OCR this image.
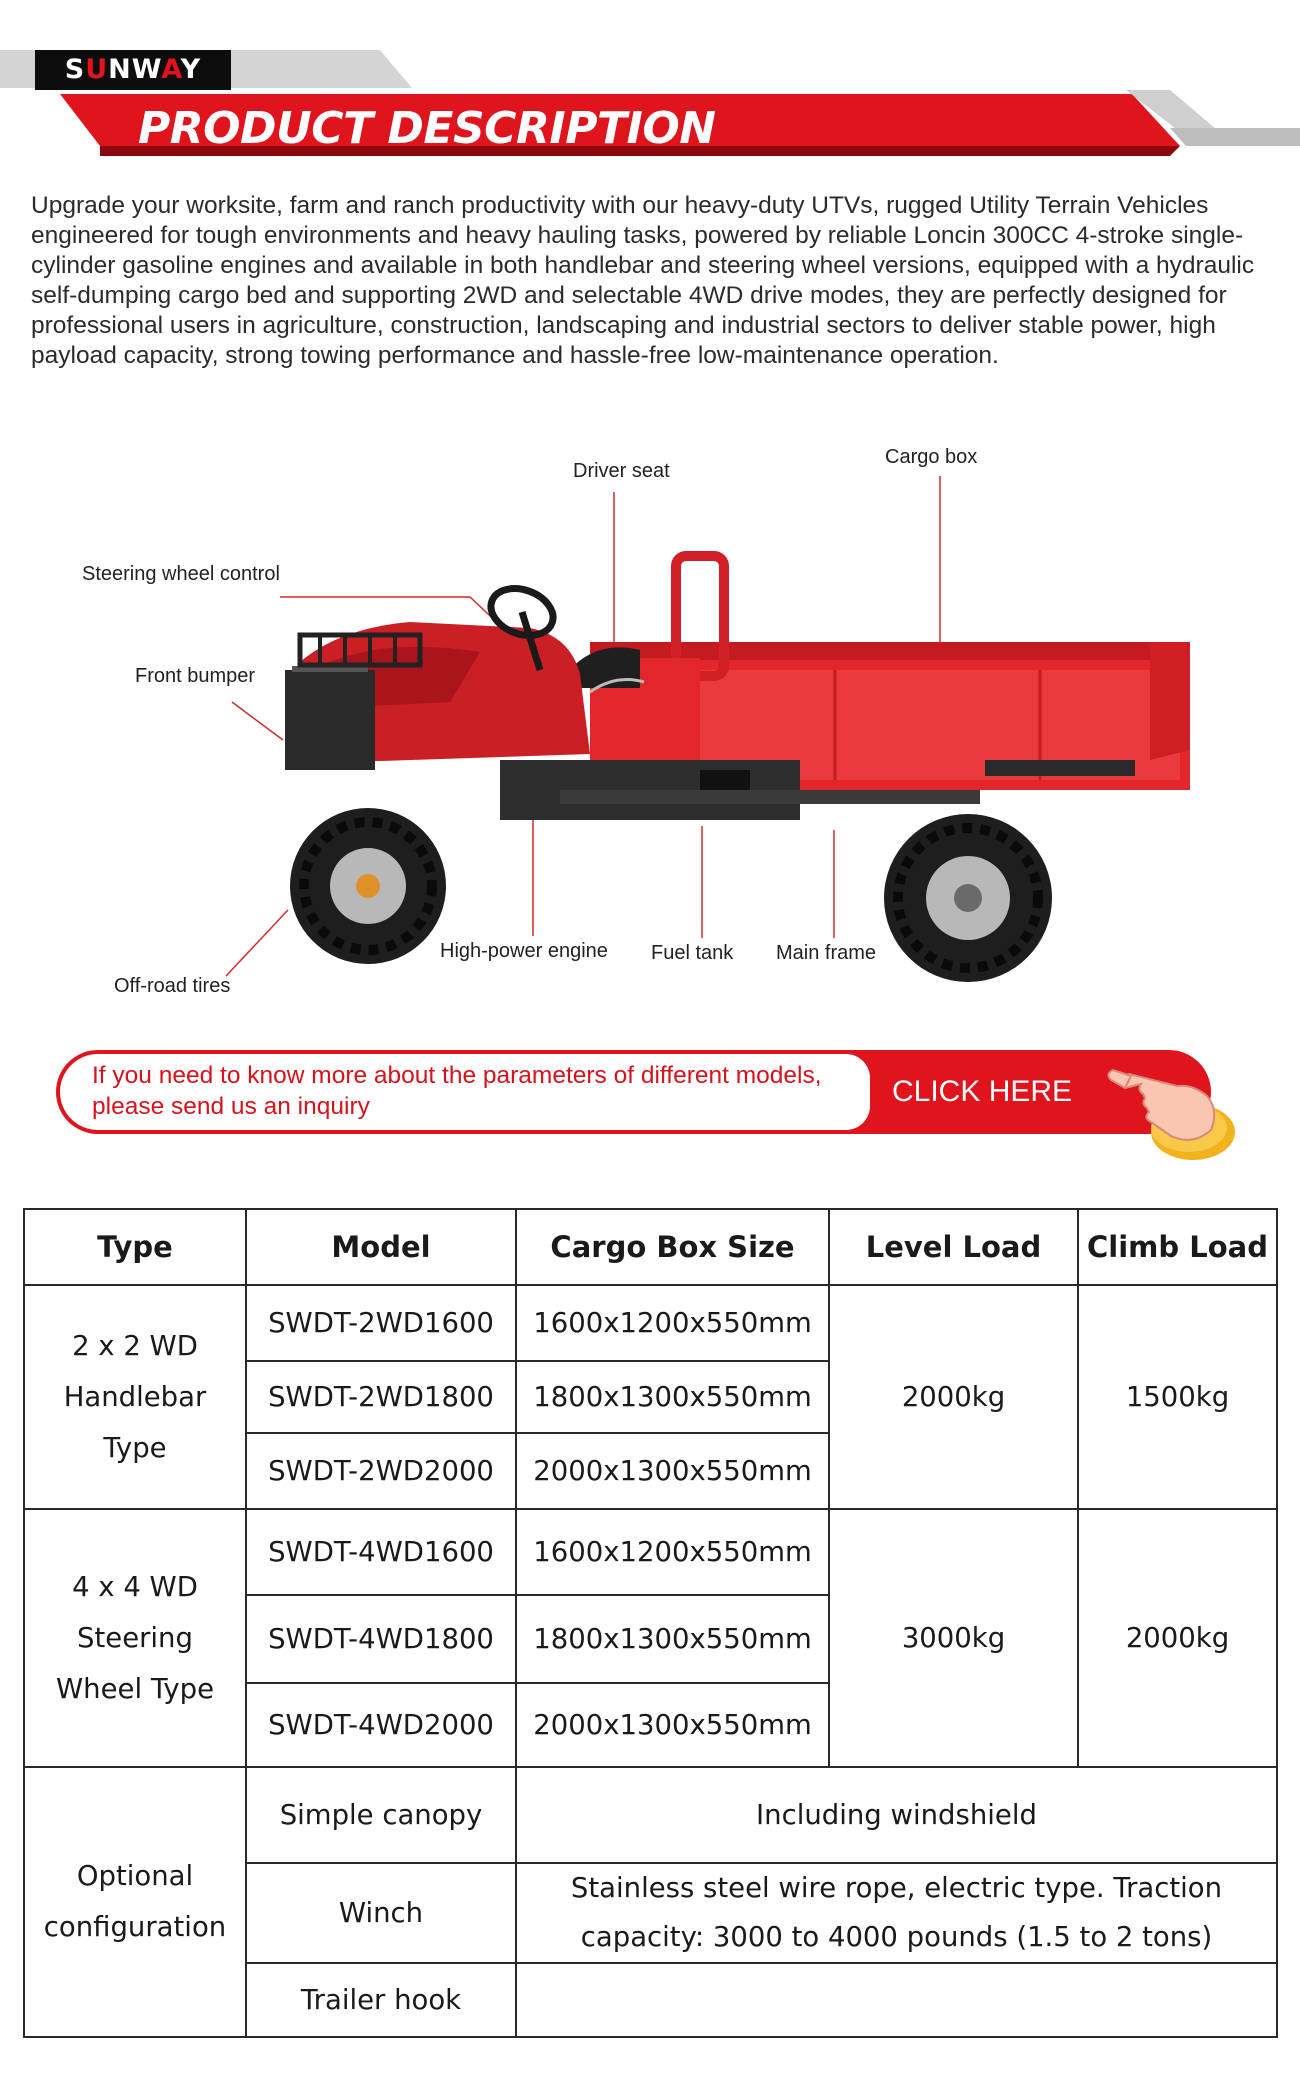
SUNWAY
PRODUCT DESCRIPTION

Upgrade your worksite, farm and ranch productivity with our heavy-duty UTVs, rugged Utility Terrain Vehicles engineered for tough environments and heavy hauling tasks, powered by reliable Loncin 300CC 4-stroke single-cylinder gasoline engines and available in both handlebar and steering wheel versions, equipped with a hydraulic self-dumping cargo bed and supporting 2WD and selectable 4WD drive modes, they are perfectly designed for professional users in agriculture, construction, landscaping and industrial sectors to deliver stable power, high payload capacity, strong towing performance and hassle-free low-maintenance operation.

Driver seat
Cargo box
Steering wheel control
Front bumper
High-power engine Fuel tank Main frame
Off-road tires
If you need to know more about the parameters of different models, please send us an inquiry	CLICK HERE
Type	Model	Cargo Box Size	Level Load	Climb Load

2 x 2 WD
Handlebar
Type	SWDT-2WD1600	1600x1200x550mm	2000kg	1500kg
	SWDT-2WD1800	1800x1300x550mm		
	SWDT-2WD2000	2000x1300x550mm		

4 x 4 WD
Steering
Wheel Type	SWDT-4WD1600	1600x1200x550mm	3000kg	2000kg
	SWDT-4WD1800	1800x1300x550mm		
	SWDT-4WD2000	2000x1300x550mm		

Optional
configuration	Simple canopy	Including windshield		
	Winch	Stainless steel wire rope, electric type. Traction
capacity: 3000 to 4000 pounds (1.5 to 2 tons)		

	Trailer hook			
